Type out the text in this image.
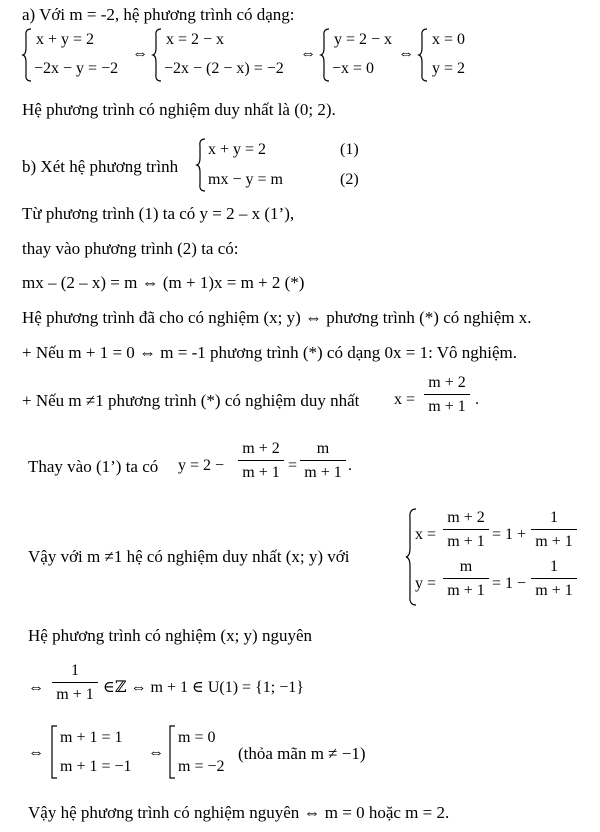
a) Với m = -2, hệ phương trình có dạng:
x + y = 2
−2x − y = −2
⇔
x = 2 − x
−2x − (2 − x) = −2
⇔
y = 2 − x
−x = 0
⇔
x = 0
y = 2
Hệ phương trình có nghiệm duy nhất là (0; 2).
b) Xét hệ phương trình
x + y = 2	(1)
mx − y = m	(2)
Từ phương trình (1) ta có y = 2 – x (1’),
thay vào phương trình (2) ta có:
mx – (2 – x) = m ⇔ (m + 1)x = m + 2 (*)
Hệ phương trình đã cho có nghiệm (x; y) ⇔ phương trình (*) có nghiệm x.
+ Nếu m + 1 = 0 ⇔ m = -1 phương trình (*) có dạng 0x = 1: Vô nghiệm.
+ Nếu m ≠1 phương trình (*) có nghiệm duy nhất x =
m + 2
m + 1 .
Thay vào (1’) ta có y = 2 −
m + 2
m + 1 =
m
m + 1 .
Vậy với m ≠1 hệ có nghiệm duy nhất (x; y) với
x =
m + 2
m + 1 = 1 +
1
m + 1
y =
m
m + 1 = 1 −
1
m + 1
Hệ phương trình có nghiệm (x; y) nguyên
⇔
1
m + 1 ∈ℤ ⇔ m + 1 ∈ U(1) = {1; −1}
⇔
m + 1 = 1
m + 1 = −1
⇔
m = 0
m = −2
(thỏa mãn m ≠ −1)
Vậy hệ phương trình có nghiệm nguyên ⇔ m = 0 hoặc m = 2.
